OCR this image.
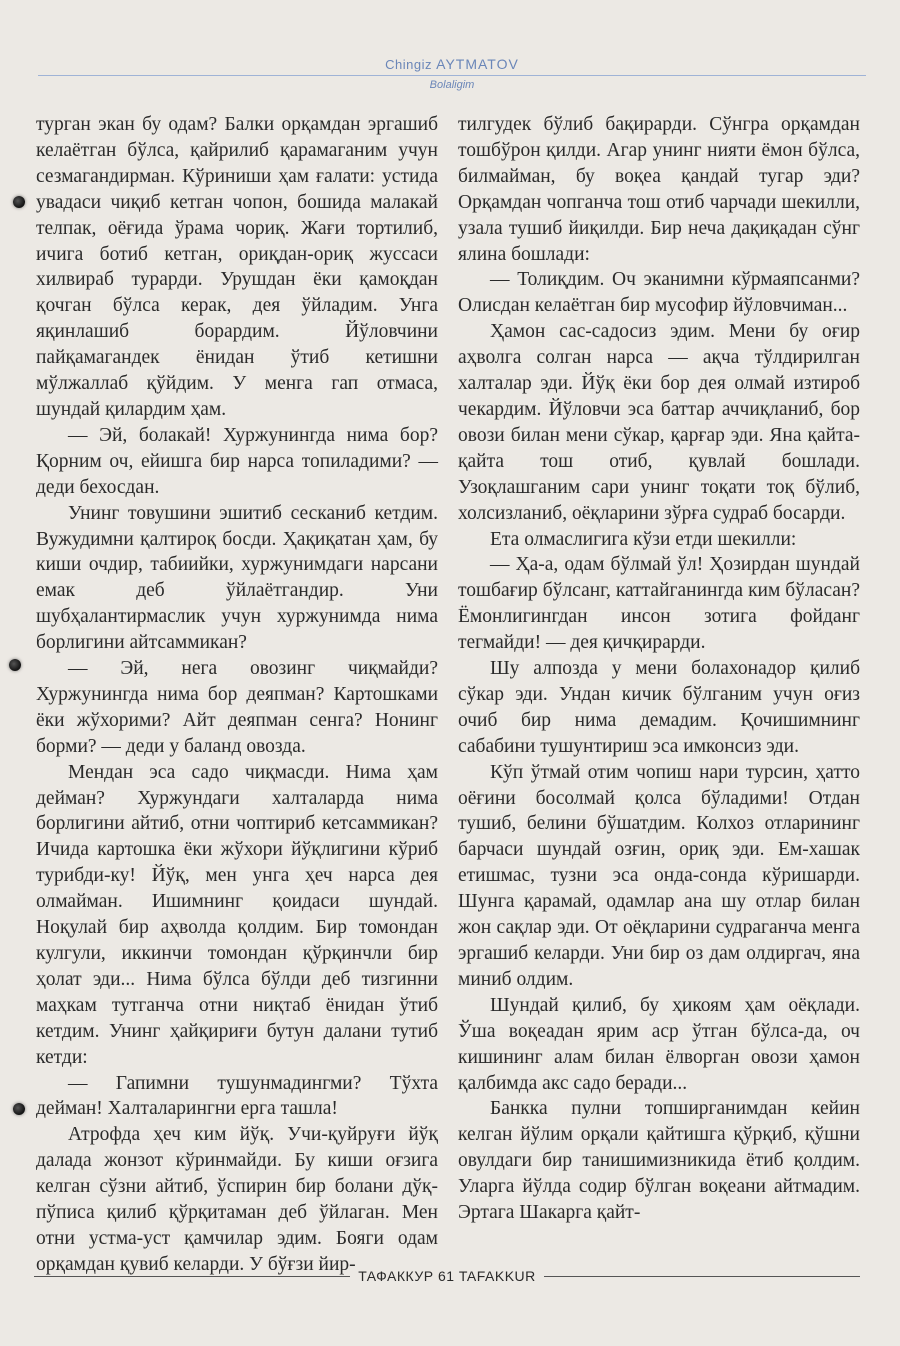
Chingiz AYTMATOV
Bolaligim

турган экан бу одам? Балки орқамдан эргашиб келаётган бўлса, қайрилиб қарамаганим учун сезмагандирман. Кўриниши ҳам ғалати: устида увадаси чиқиб кетган чопон, бошида малакай телпак, оёғида ўрама чориқ. Жағи тортилиб, ичига ботиб кетган, ориқдан-ориқ жуссаси хилвираб турарди. Урушдан ёки қамоқдан қочган бўлса керак, дея ўйладим. Унга яқинлашиб борардим. Йўловчини пайқамагандек ёнидан ўтиб кетишни мўлжаллаб қўйдим. У менга гап отмаса, шундай қилардим ҳам.

— Эй, болакай! Хуржунингда нима бор? Қорним оч, ейишга бир нарса топиладими? — деди бехосдан.

Унинг товушини эшитиб сесканиб кетдим. Вужудимни қалтироқ босди. Ҳақиқатан ҳам, бу киши очдир, табиийки, хуржунимдаги нарсани емак деб ўйлаётгандир. Уни шубҳалантирмаслик учун хуржунимда нима борлигини айтсаммикан?

— Эй, нега овозинг чиқмайди? Хуржунингда нима бор деяпман? Картошками ёки жўхорими? Айт деяпман сенга? Нонинг борми? — деди у баланд овозда.

Мендан эса садо чиқмасди. Нима ҳам дейман? Хуржундаги халталарда нима борлигини айтиб, отни чоптириб кетсаммикан? Ичида картошка ёки жўхори йўқлигини кўриб турибди-ку! Йўқ, мен унга ҳеч нарса дея олмайман. Ишимнинг қоидаси шундай. Ноқулай бир аҳволда қолдим. Бир томондан кулгули, иккинчи томондан қўрқинчли бир ҳолат эди... Нима бўлса бўлди деб тизгинни маҳкам тутганча отни ниқтаб ёнидан ўтиб кетдим. Унинг ҳайқириғи бутун далани тутиб кетди:

— Гапимни тушунмадингми? Тўхта дейман! Халталарингни ерга ташла!

Атрофда ҳеч ким йўқ. Учи-қуйруғи йўқ далада жонзот кўринмайди. Бу киши оғзига келган сўзни айтиб, ўспирин бир болани дўқ-пўписа қилиб қўрқитаман деб ўйлаган. Мен отни устма-уст қамчилар эдим. Бояги одам орқамдан қувиб келарди. У бўғзи йир-

тилгудек бўлиб бақирарди. Сўнгра орқамдан тошбўрон қилди. Агар унинг нияти ёмон бўлса, билмайман, бу воқеа қандай тугар эди? Орқамдан чопганча тош отиб чарчади шекилли, узала тушиб йиқилди. Бир неча дақиқадан сўнг ялина бошлади:

— Толиқдим. Оч эканимни кўрмаяпсанми? Олисдан келаётган бир мусофир йўловчиман...

Ҳамон сас-садосиз эдим. Мени бу оғир аҳволга солган нарса — ақча тўлдирилган халталар эди. Йўқ ёки бор дея олмай изтироб чекардим. Йўловчи эса баттар аччиқланиб, бор овози билан мени сўкар, қарғар эди. Яна қайта-қайта тош отиб, қувлай бошлади. Узоқлашганим сари унинг тоқати тоқ бўлиб, холсизланиб, оёқларини зўрға судраб босарди.

Ета олмаслигига кўзи етди шекилли:

— Ҳа-а, одам бўлмай ўл! Ҳозирдан шундай тошбағир бўлсанг, каттайганингда ким бўласан? Ёмонлигингдан инсон зотига фойданг тегмайди! — дея қичқирарди.

Шу алпозда у мени болахонадор қилиб сўкар эди. Ундан кичик бўлганим учун оғиз очиб бир нима демадим. Қочишимнинг сабабини тушунтириш эса имконсиз эди.

Кўп ўтмай отим чопиш нари турсин, ҳатто оёғини босолмай қолса бўладими! Отдан тушиб, белини бўшатдим. Колхоз отларининг барчаси шундай озғин, ориқ эди. Ем-хашак етишмас, тузни эса онда-сонда кўришарди. Шунга қарамай, одамлар ана шу отлар билан жон сақлар эди. От оёқларини судраганча менга эргашиб келарди. Уни бир оз дам олдиргач, яна миниб олдим.

Шундай қилиб, бу ҳикоям ҳам оёқлади. Ўша воқеадан ярим аср ўтган бўлса-да, оч кишининг алам билан ёлворган овози ҳамон қалбимда акс садо беради...

Банкка пулни топширганимдан кейин келган йўлим орқали қайтишга қўрқиб, қўшни овулдаги бир танишимизникида ётиб қолдим. Уларга йўлда содир бўлган воқеани айтмадим. Эртага Шакарга қайт-

ТАФАККУР 61 TAFAKKUR
